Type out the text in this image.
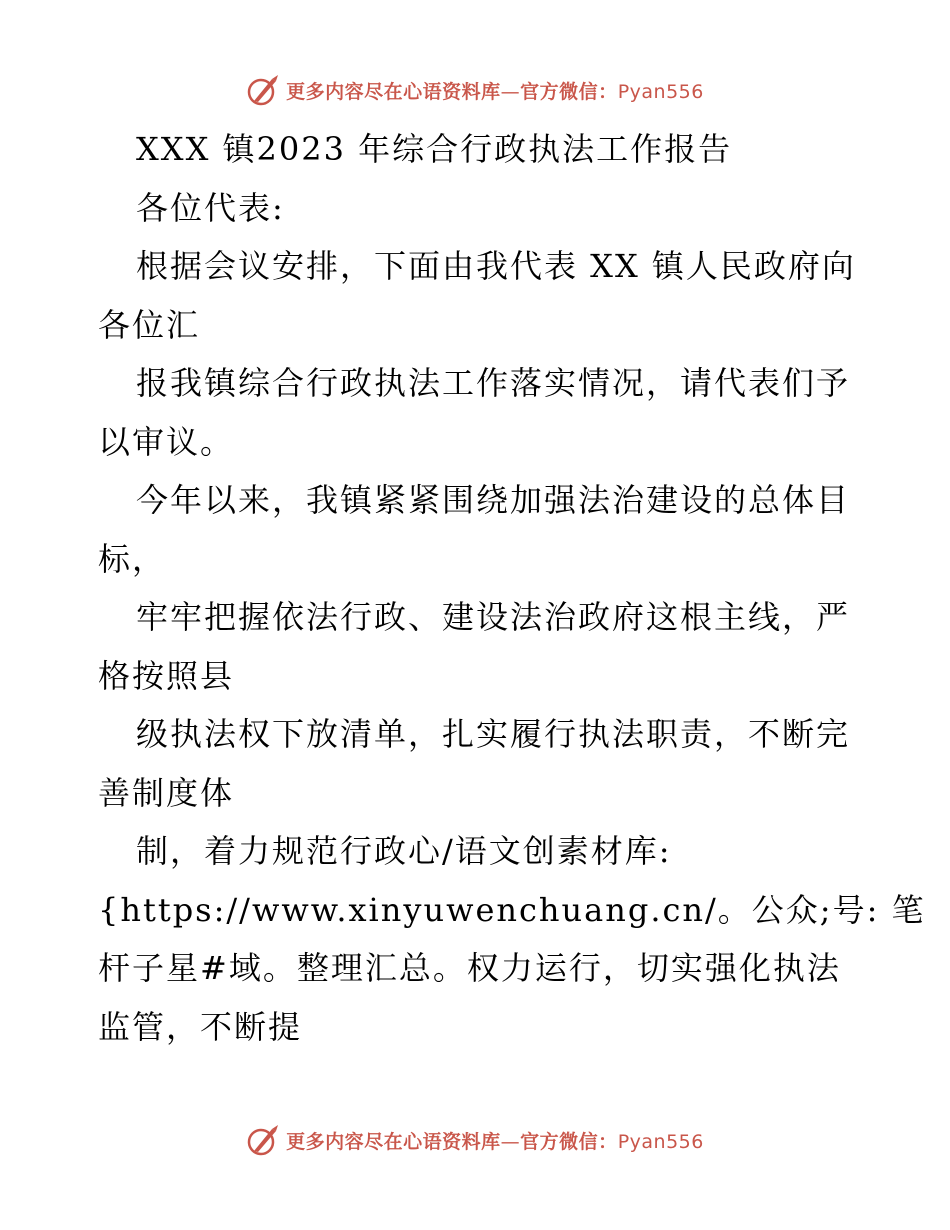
更多内容尽在心语资料库—官方微信：Pyan556
XXX 镇2023 年综合行政执法工作报告
各位代表:
根据会议安排，下面由我代表 XX 镇人民政府向
各位汇
报我镇综合行政执法工作落实情况，请代表们予
以审议。
今年以来，我镇紧紧围绕加强法治建设的总体目
标，
牢牢把握依法行政、建设法治政府这根主线，严
格按照县
级执法权下放清单，扎实履行执法职责，不断完
善制度体
制，着力规范行政心/语文创素材库:
{https://www.xinyuwenchuang.cn/。公众;号: 笔
杆子星#域。整理汇总。权力运行，切实强化执法
监管，不断提
更多内容尽在心语资料库—官方微信：Pyan556
